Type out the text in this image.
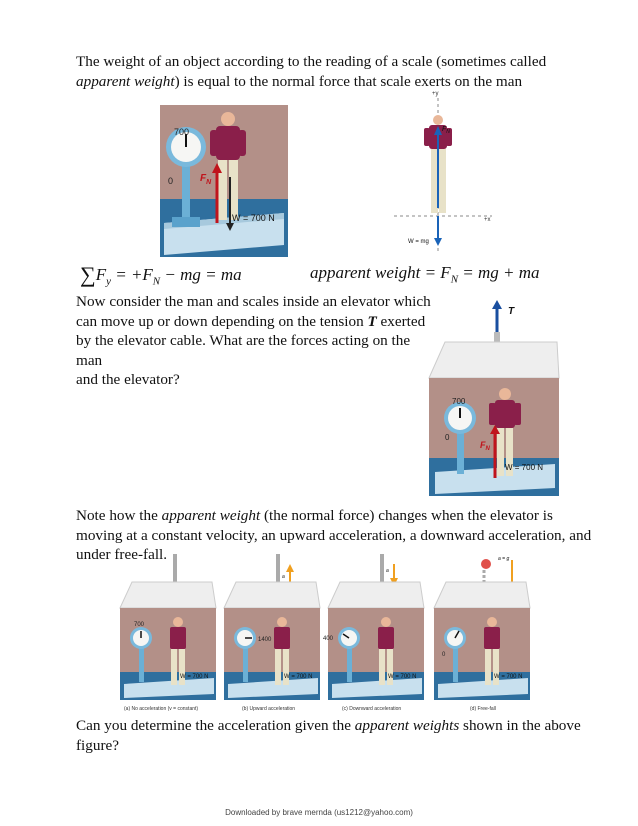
The weight of an object according to the reading of a scale (sometimes called
apparent weight) is equal to the normal force that scale exerts on the man
700
0	$F_N$
W = 700 N
+y
+x
$F_N$
W = mg
$\sum F_y = +F_N$ − mg = ma	apparent weight = $F_N$ = mg + ma
Now consider the man and scales inside an elevator which
can move up or down depending on the tension T exerted
by the elevator cable. What are the forces acting on the man
and the elevator?
T
700
0
$F_N$
W = 700 N
Note how the apparent weight (the normal force) changes when the elevator is
moving at a constant velocity, an upward acceleration, a downward acceleration, and
under free-fall.
700
W = 700 N
(a) No acceleration (v = constant)
a
1400
W = 700 N
(b) Upward acceleration
a
400
W = 700 N
(c) Downward acceleration
a = g
0
W = 700 N
(d) Free-fall
Can you determine the acceleration given the apparent weights shown in the above
figure?
Downloaded by brave mernda (us1212@yahoo.com)
